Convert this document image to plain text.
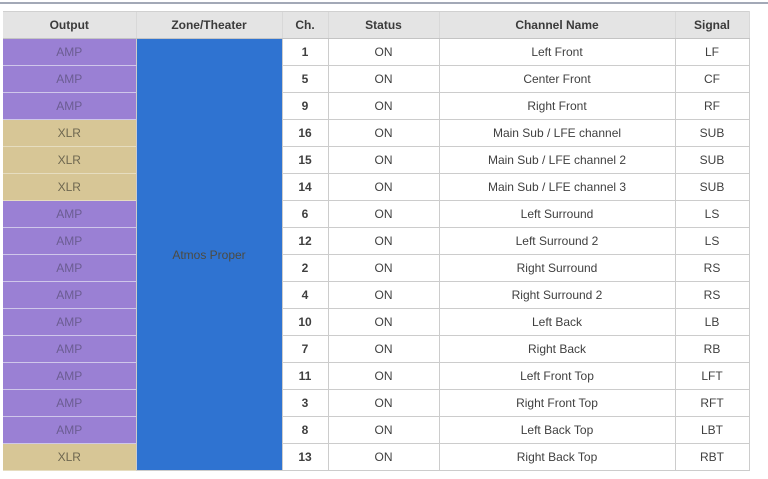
Output	Zone/Theater	Ch.	Status	Channel Name	Signal
AMP	Atmos Proper	1	ON	Left Front	LF
AMP		5	ON	Center Front	CF
AMP		9	ON	Right Front	RF
XLR		16	ON	Main Sub / LFE channel	SUB
XLR		15	ON	Main Sub / LFE channel 2	SUB
XLR		14	ON	Main Sub / LFE channel 3	SUB
AMP		6	ON	Left Surround	LS
AMP		12	ON	Left Surround 2	LS
AMP		2	ON	Right Surround	RS
AMP		4	ON	Right Surround 2	RS
AMP		10	ON	Left Back	LB
AMP		7	ON	Right Back	RB
AMP		11	ON	Left Front Top	LFT
AMP		3	ON	Right Front Top	RFT
AMP		8	ON	Left Back Top	LBT
XLR		13	ON	Right Back Top	RBT
